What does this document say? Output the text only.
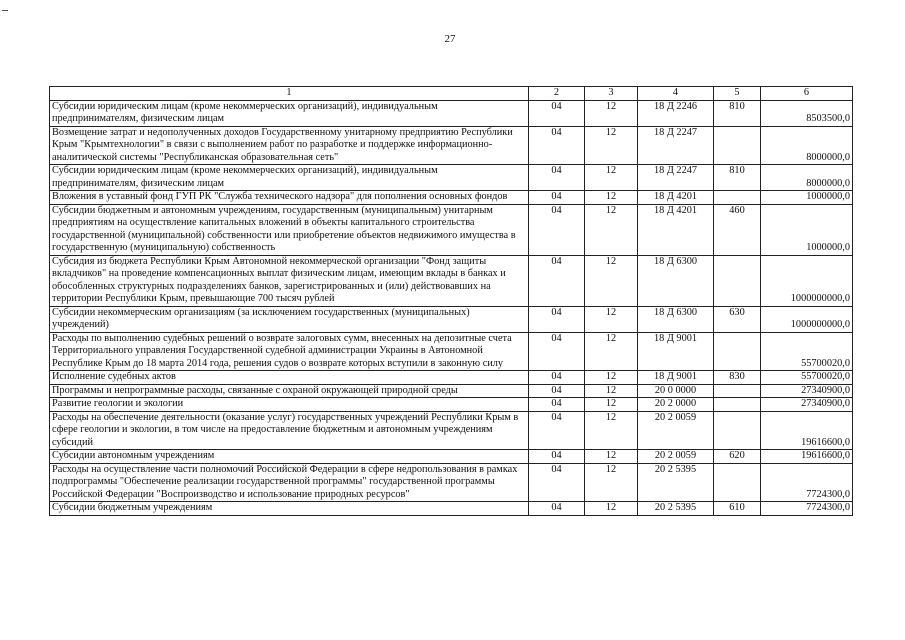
27
1	2	3	4	5	6
Субсидии юридическим лицам (кроме некоммерческих организаций), индивидуальным предпринимателям, физическим лицам	04	12	18 Д 2246	810	8503500,0
Возмещение затрат и недополученных доходов Государственному унитарному предприятию Республики Крым "Крымтехнологии" в связи с выполнением работ по разработке и поддержке информационно-аналитической системы "Республиканская образовательная сеть"	04	12	18 Д 2247		8000000,0
Субсидии юридическим лицам (кроме некоммерческих организаций), индивидуальным предпринимателям, физическим лицам	04	12	18 Д 2247	810	8000000,0
Вложения в уставный фонд ГУП РК "Служба технического надзора" для пополнения основных фондов	04	12	18 Д 4201		1000000,0
Субсидии бюджетным и автономным учреждениям, государственным (муниципальным) унитарным предприятиям на осуществление капитальных вложений в объекты капитального строительства государственной (муниципальной) собственности или приобретение объектов недвижимого имущества в государственную (муниципальную) собственность	04	12	18 Д 4201	460	1000000,0
Субсидия из бюджета Республики Крым Автономной некоммерческой организации "Фонд защиты вкладчиков" на проведение компенсационных выплат физическим лицам, имеющим вклады в банках и обособленных структурных подразделениях банков, зарегистрированных и (или) действовавших на территории Республики Крым, превышающие 700 тысяч рублей	04	12	18 Д 6300		1000000000,0
Субсидии некоммерческим организациям (за исключением государственных (муниципальных) учреждений)	04	12	18 Д 6300	630	1000000000,0
Расходы по выполнению судебных решений о возврате залоговых сумм, внесенных на депозитные счета Территориального управления Государственной судебной администрации Украины в Автономной Республике Крым до 18 марта 2014 года, решения судов о возврате которых вступили в законную силу	04	12	18 Д 9001		55700020,0
Исполнение судебных актов	04	12	18 Д 9001	830	55700020,0
Программы и непрограммные расходы, связанные с охраной окружающей природной среды	04	12	20 0 0000		27340900,0
Развитие геологии и экологии	04	12	20 2 0000		27340900,0
Расходы на обеспечение деятельности (оказание услуг) государственных учреждений Республики Крым в сфере геологии и экологии, в том числе на предоставление бюджетным и автономным учреждениям субсидий	04	12	20 2 0059		19616600,0
Субсидии автономным учреждениям	04	12	20 2 0059	620	19616600,0
Расходы на осуществление части полномочий Российской Федерации в сфере недропользования в рамках подпрограммы "Обеспечение реализации государственной программы" государственной программы Российской Федерации "Воспроизводство и использование природных ресурсов"	04	12	20 2 5395		7724300,0
Субсидии бюджетным учреждениям	04	12	20 2 5395	610	7724300,0
